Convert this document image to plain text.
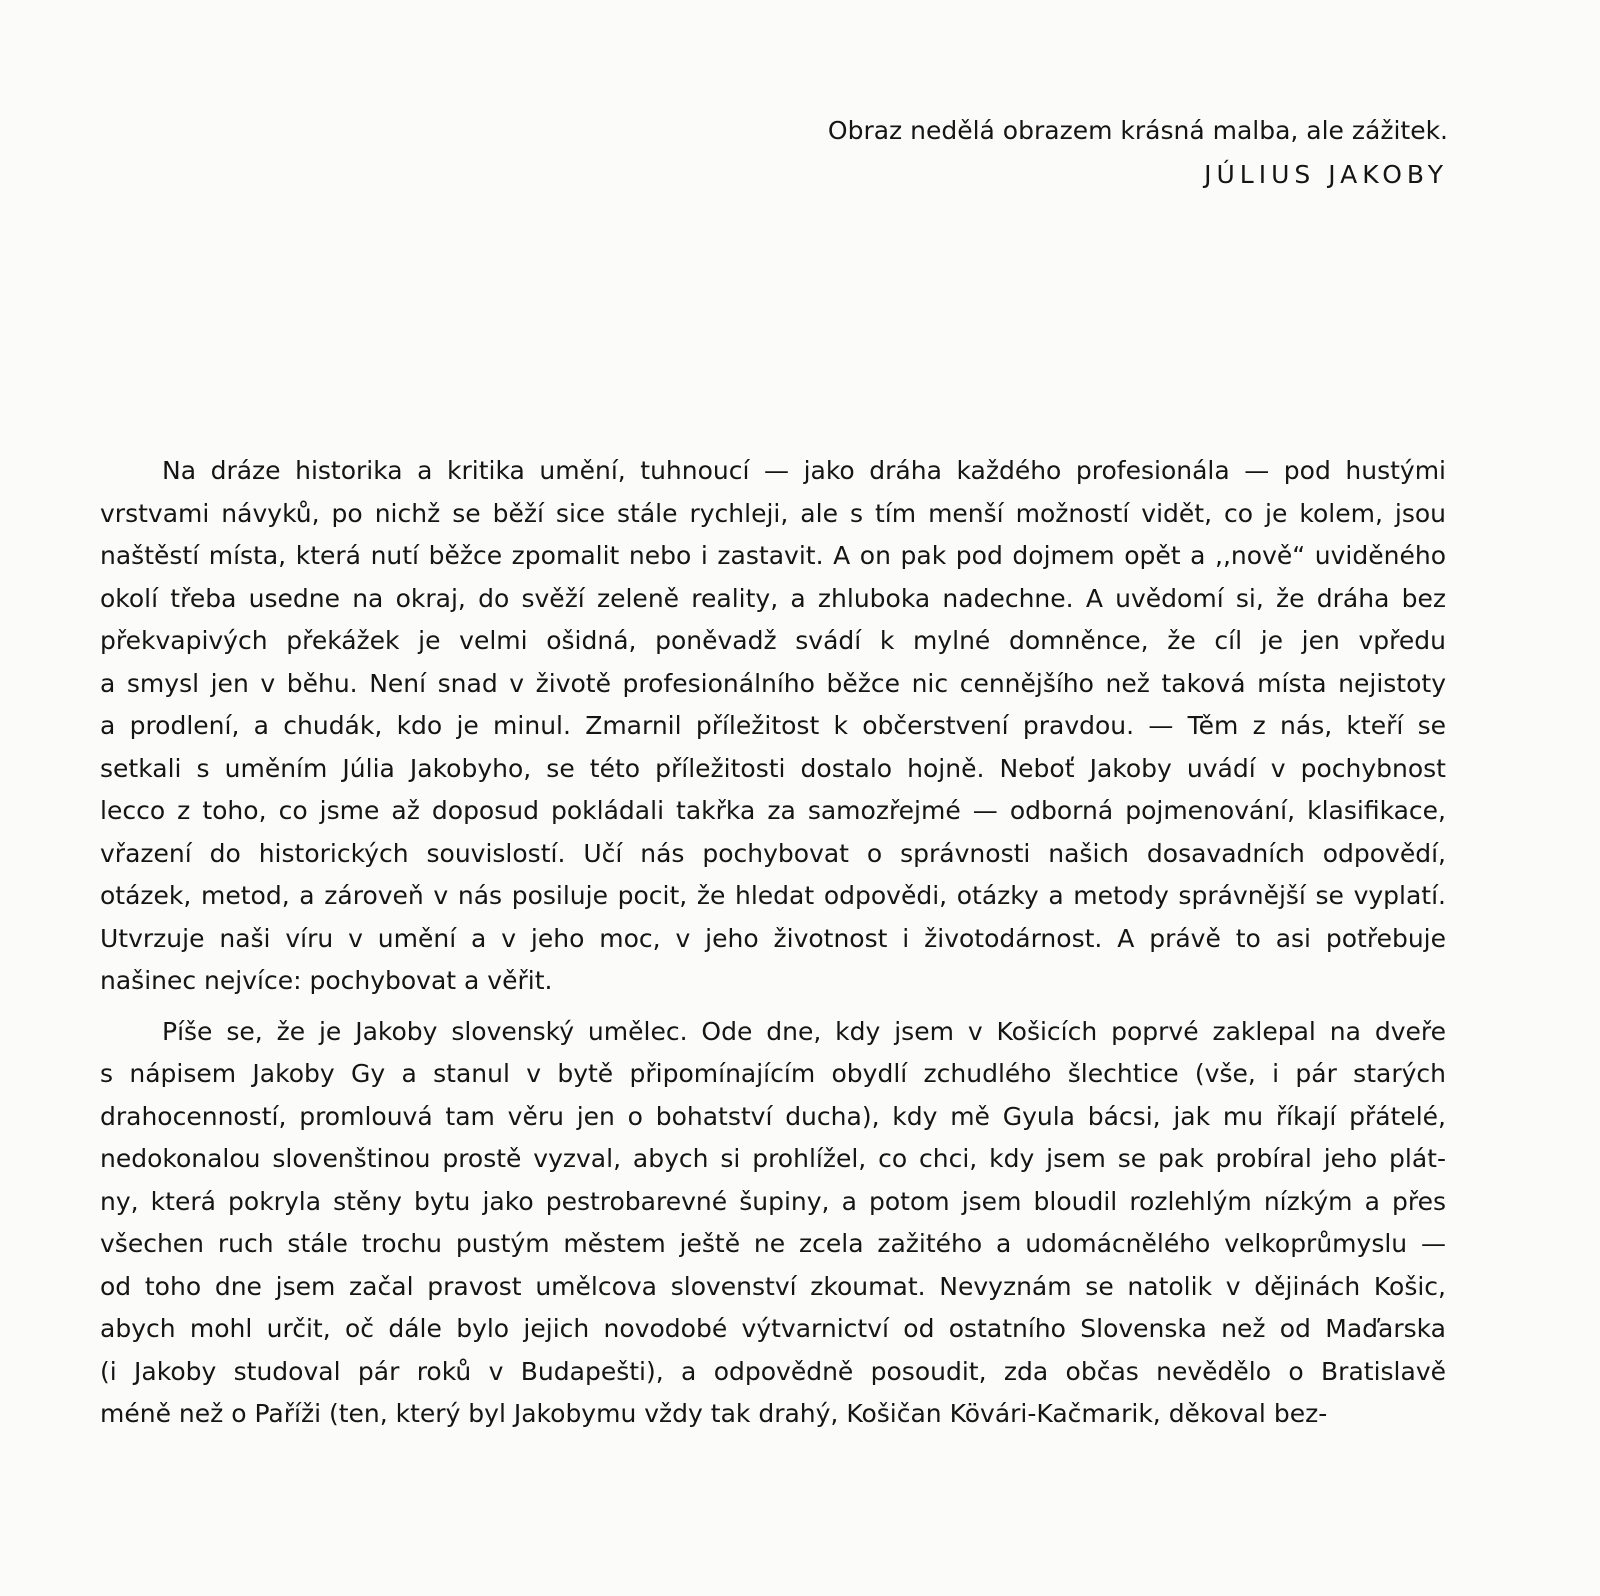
Obraz nedělá obrazem krásná malba, ale zážitek.
JÚLIUS JAKOBY
Na dráze historika a kritika umění, tuhnoucí — jako dráha každého profesionála — pod hustými
vrstvami návyků, po nichž se běží sice stále rychleji, ale s tím menší možností vidět, co je kolem, jsou
naštěstí místa, která nutí běžce zpomalit nebo i zastavit. A on pak pod dojmem opět a ,,nově“ uviděného
okolí třeba usedne na okraj, do svěží zeleně reality, a zhluboka nadechne. A uvědomí si, že dráha bez
překvapivých překážek je velmi ošidná, poněvadž svádí k mylné domněnce, že cíl je jen vpředu
a smysl jen v běhu. Není snad v životě profesionálního běžce nic cennějšího než taková místa nejistoty
a prodlení, a chudák, kdo je minul. Zmarnil příležitost k občerstvení pravdou. — Těm z nás, kteří se
setkali s uměním Júlia Jakobyho, se této příležitosti dostalo hojně. Neboť Jakoby uvádí v pochybnost
lecco z toho, co jsme až doposud pokládali takřka za samozřejmé — odborná pojmenování, klasifikace,
vřazení do historických souvislostí. Učí nás pochybovat o správnosti našich dosavadních odpovědí,
otázek, metod, a zároveň v nás posiluje pocit, že hledat odpovědi, otázky a metody správnější se vyplatí.
Utvrzuje naši víru v umění a v jeho moc, v jeho životnost i životodárnost. A právě to asi potřebuje
našinec nejvíce: pochybovat a věřit.
Píše se, že je Jakoby slovenský umělec. Ode dne, kdy jsem v Košicích poprvé zaklepal na dveře
s nápisem Jakoby Gy a stanul v bytě připomínajícím obydlí zchudlého šlechtice (vše, i pár starých
drahocenností, promlouvá tam věru jen o bohatství ducha), kdy mě Gyula bácsi, jak mu říkají přátelé,
nedokonalou slovenštinou prostě vyzval, abych si prohlížel, co chci, kdy jsem se pak probíral jeho plát-
ny, která pokryla stěny bytu jako pestrobarevné šupiny, a potom jsem bloudil rozlehlým nízkým a přes
všechen ruch stále trochu pustým městem ještě ne zcela zažitého a udomácnělého velkoprůmyslu —
od toho dne jsem začal pravost umělcova slovenství zkoumat. Nevyznám se natolik v dějinách Košic,
abych mohl určit, oč dále bylo jejich novodobé výtvarnictví od ostatního Slovenska než od Maďarska
(i Jakoby studoval pár roků v Budapešti), a odpovědně posoudit, zda občas nevědělo o Bratislavě
méně než o Paříži (ten, který byl Jakobymu vždy tak drahý, Košičan Kövári-Kačmarik, děkoval bez-
